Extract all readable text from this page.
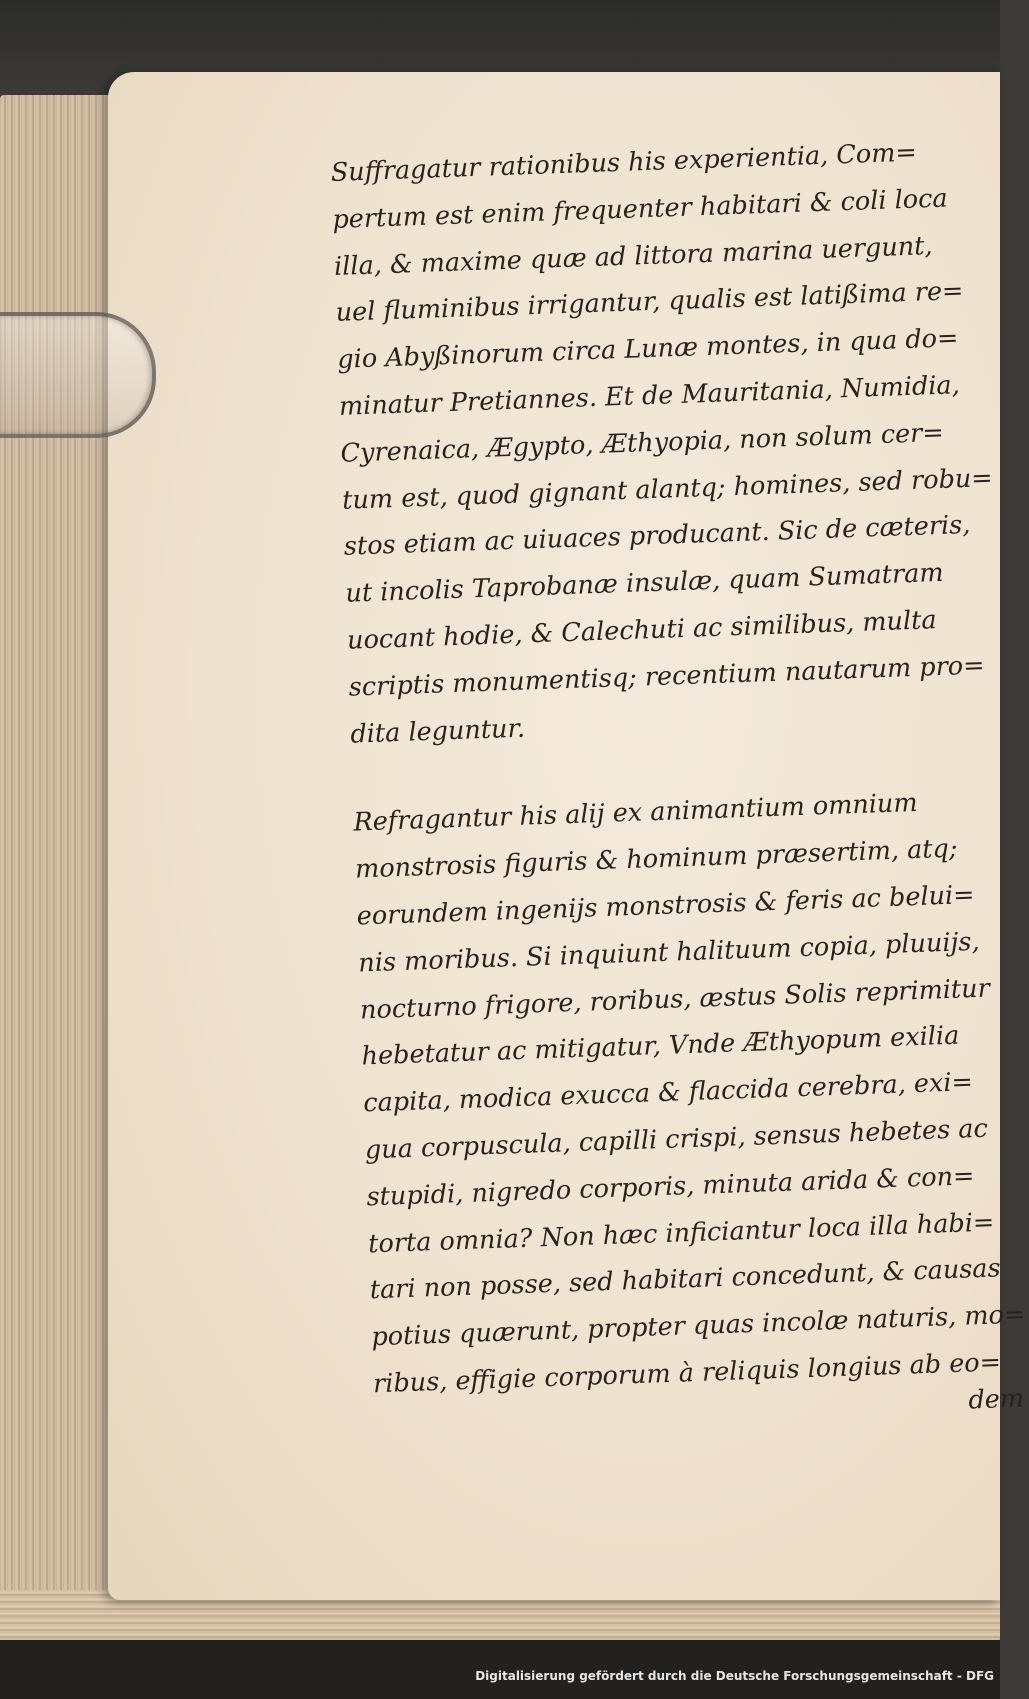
Suffragatur rationibus his experientia, Com=
pertum est enim frequenter habitari & coli loca
illa, & maxime quæ ad littora marina uergunt,
uel fluminibus irrigantur, qualis est latißima re=
gio Abyßinorum circa Lunæ montes, in qua do=
minatur Pretiannes. Et de Mauritania, Numidia,
Cyrenaica, Ægypto, Æthyopia, non solum cer=
tum est, quod gignant alantq; homines, sed robu=
stos etiam ac uiuaces producant. Sic de cæteris,
ut incolis Taprobanæ insulæ, quam Sumatram
uocant hodie, & Calechuti ac similibus, multa
scriptis monumentisq; recentium nautarum pro=
dita leguntur.
Refragantur his alij ex animantium omnium
monstrosis figuris & hominum præsertim, atq;
eorundem ingenijs monstrosis & feris ac belui=
nis moribus. Si inquiunt halituum copia, pluuijs,
nocturno frigore, roribus, æstus Solis reprimitur
hebetatur ac mitigatur, Vnde Æthyopum exilia
capita, modica exucca & flaccida cerebra, exi=
gua corpuscula, capilli crispi, sensus hebetes ac
stupidi, nigredo corporis, minuta arida & con=
torta omnia? Non hæc inficiantur loca illa habi=
tari non posse, sed habitari concedunt, & causas
potius quærunt, propter quas incolæ naturis, mo=
ribus, effigie corporum à reliquis longius ab eo=
dem
Digitalisierung gefördert durch die Deutsche Forschungsgemeinschaft - DFG
